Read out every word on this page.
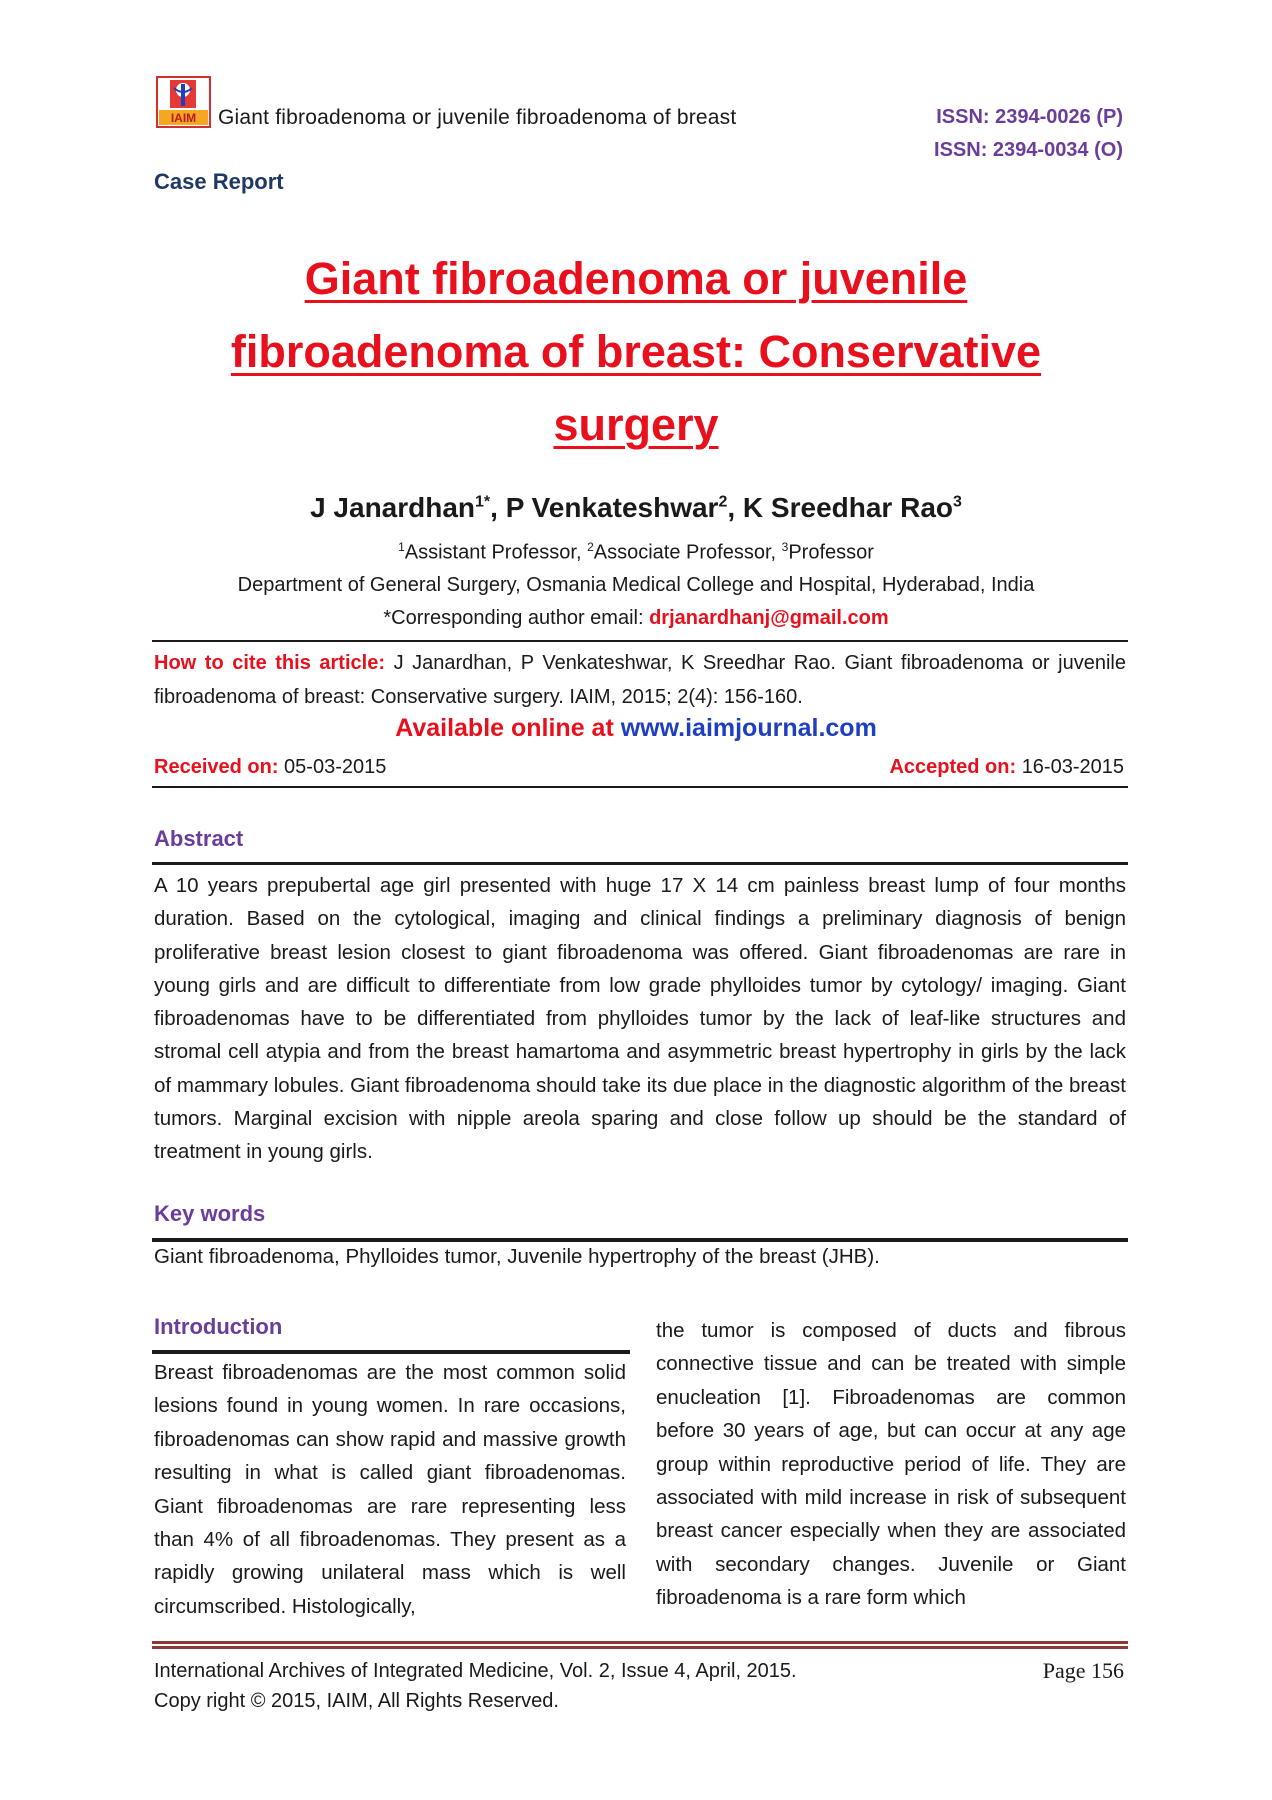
IAIM Giant fibroadenoma or juvenile fibroadenoma of breast	ISSN: 2394-0026 (P)
ISSN: 2394-0034 (O)
Case Report
Giant fibroadenoma or juvenile fibroadenoma of breast: Conservative surgery
J Janardhan$^{1*}$, P Venkateshwar$^2$, K Sreedhar Rao$^3$
$^1$Assistant Professor, $^2$Associate Professor, $^3$Professor
Department of General Surgery, Osmania Medical College and Hospital, Hyderabad, India
*Corresponding author email: drjanardhanj@gmail.com
How to cite this article: J Janardhan, P Venkateshwar, K Sreedhar Rao. Giant fibroadenoma or juvenile fibroadenoma of breast: Conservative surgery. IAIM, 2015; 2(4): 156-160.
Available online at www.iaimjournal.com
Received on: 05-03-2015	Accepted on: 16-03-2015
Abstract
A 10 years prepubertal age girl presented with huge 17 X 14 cm painless breast lump of four months duration. Based on the cytological, imaging and clinical findings a preliminary diagnosis of benign proliferative breast lesion closest to giant fibroadenoma was offered. Giant fibroadenomas are rare in young girls and are difficult to differentiate from low grade phylloides tumor by cytology/ imaging. Giant fibroadenomas have to be differentiated from phylloides tumor by the lack of leaf-like structures and stromal cell atypia and from the breast hamartoma and asymmetric breast hypertrophy in girls by the lack of mammary lobules. Giant fibroadenoma should take its due place in the diagnostic algorithm of the breast tumors. Marginal excision with nipple areola sparing and close follow up should be the standard of treatment in young girls.
Key words
Giant fibroadenoma, Phylloides tumor, Juvenile hypertrophy of the breast (JHB).
Introduction
Breast fibroadenomas are the most common solid lesions found in young women. In rare occasions, fibroadenomas can show rapid and massive growth resulting in what is called giant fibroadenomas. Giant fibroadenomas are rare representing less than 4% of all fibroadenomas. They present as a rapidly growing unilateral mass which is well circumscribed. Histologically,
the tumor is composed of ducts and fibrous connective tissue and can be treated with simple enucleation [1]. Fibroadenomas are common before 30 years of age, but can occur at any age group within reproductive period of life. They are associated with mild increase in risk of subsequent breast cancer especially when they are associated with secondary changes. Juvenile or Giant fibroadenoma is a rare form which
International Archives of Integrated Medicine, Vol. 2, Issue 4, April, 2015.
Copy right © 2015, IAIM, All Rights Reserved.
Page 156
